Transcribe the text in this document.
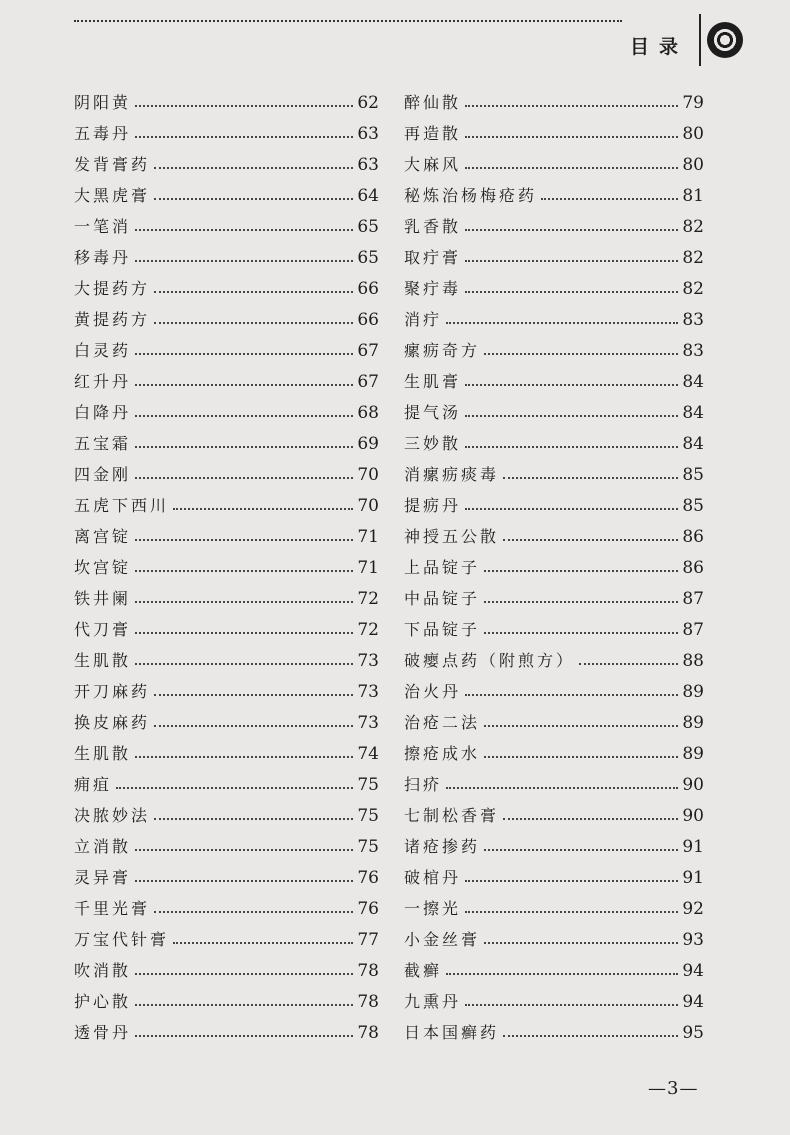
目录
阴阳黄	62
五毒丹	63
发背膏药	63
大黑虎膏	64
一笔消	65
移毒丹	65
大提药方	66
黄提药方	66
白灵药	67
红升丹	67
白降丹	68
五宝霜	69
四金刚	70
五虎下西川	70
离宫锭	71
坎宫锭	71
铁井阑	72
代刀膏	72
生肌散	73
开刀麻药	73
换皮麻药	73
生肌散	74
痈疽	75
决脓妙法	75
立消散	75
灵异膏	76
千里光膏	76
万宝代针膏	77
吹消散	78
护心散	78
透骨丹	78
醉仙散	79
再造散	80
大麻风	80
秘炼治杨梅疮药	81
乳香散	82
取疔膏	82
聚疔毒	82
消疔	83
瘰疬奇方	83
生肌膏	84
提气汤	84
三妙散	84
消瘰疬痰毒	85
提疬丹	85
神授五公散	86
上品锭子	86
中品锭子	87
下品锭子	87
破瘿点药（附煎方）	88
治火丹	89
治疮二法	89
擦疮成水	89
扫疥	90
七制松香膏	90
诸疮掺药	91
破棺丹	91
一擦光	92
小金丝膏	93
截癣	94
九熏丹	94
日本国癣药	95
—3—
